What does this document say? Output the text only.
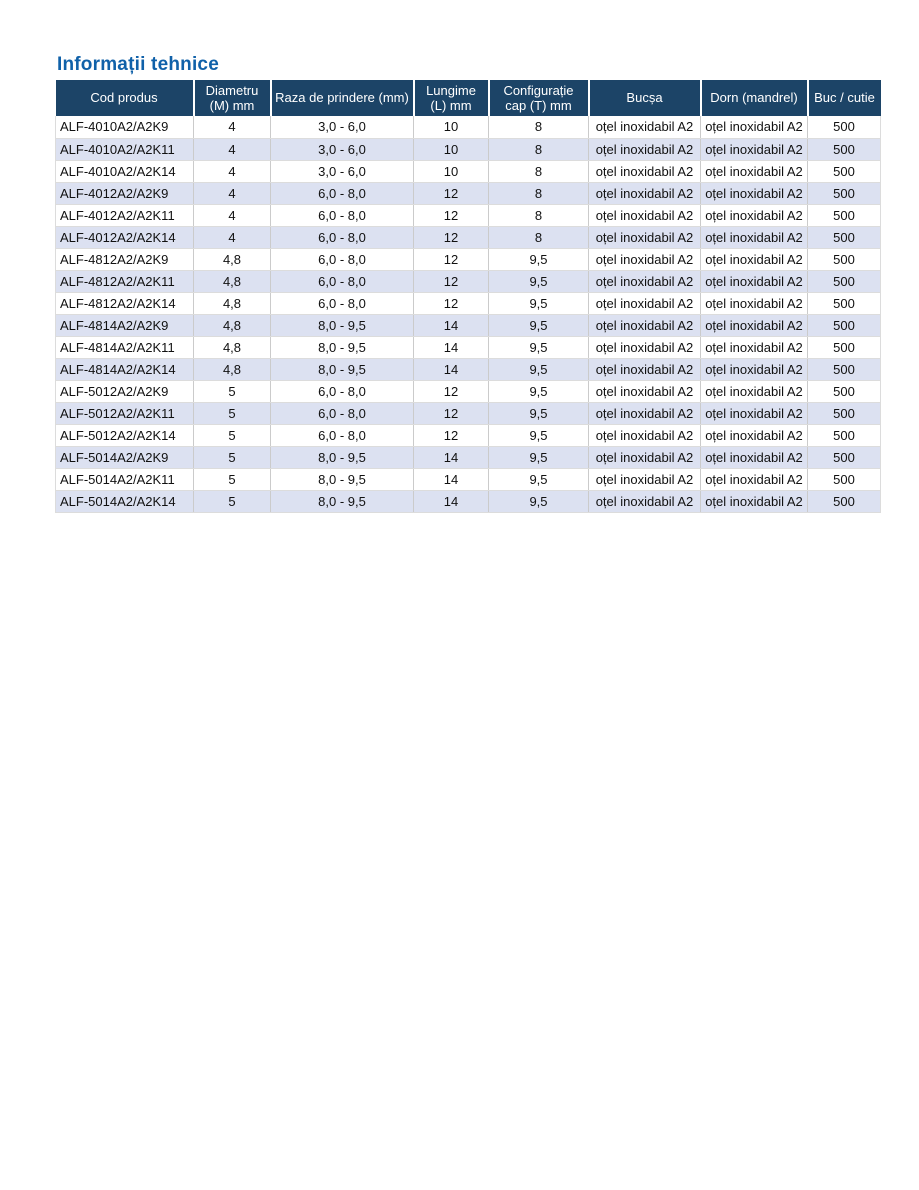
Informații tehnice
Cod produs	Diametru (M) mm	Raza de prindere (mm)	Lungime (L) mm	Configurație cap (T) mm	Bucșa	Dorn (mandrel)	Buc / cutie
ALF-4010A2/A2K9	4	3,0 - 6,0	10	8	oțel inoxidabil A2	oțel inoxidabil A2	500
ALF-4010A2/A2K11	4	3,0 - 6,0	10	8	oțel inoxidabil A2	oțel inoxidabil A2	500
ALF-4010A2/A2K14	4	3,0 - 6,0	10	8	oțel inoxidabil A2	oțel inoxidabil A2	500
ALF-4012A2/A2K9	4	6,0 - 8,0	12	8	oțel inoxidabil A2	oțel inoxidabil A2	500
ALF-4012A2/A2K11	4	6,0 - 8,0	12	8	oțel inoxidabil A2	oțel inoxidabil A2	500
ALF-4012A2/A2K14	4	6,0 - 8,0	12	8	oțel inoxidabil A2	oțel inoxidabil A2	500
ALF-4812A2/A2K9	4,8	6,0 - 8,0	12	9,5	oțel inoxidabil A2	oțel inoxidabil A2	500
ALF-4812A2/A2K11	4,8	6,0 - 8,0	12	9,5	oțel inoxidabil A2	oțel inoxidabil A2	500
ALF-4812A2/A2K14	4,8	6,0 - 8,0	12	9,5	oțel inoxidabil A2	oțel inoxidabil A2	500
ALF-4814A2/A2K9	4,8	8,0 - 9,5	14	9,5	oțel inoxidabil A2	oțel inoxidabil A2	500
ALF-4814A2/A2K11	4,8	8,0 - 9,5	14	9,5	oțel inoxidabil A2	oțel inoxidabil A2	500
ALF-4814A2/A2K14	4,8	8,0 - 9,5	14	9,5	oțel inoxidabil A2	oțel inoxidabil A2	500
ALF-5012A2/A2K9	5	6,0 - 8,0	12	9,5	oțel inoxidabil A2	oțel inoxidabil A2	500
ALF-5012A2/A2K11	5	6,0 - 8,0	12	9,5	oțel inoxidabil A2	oțel inoxidabil A2	500
ALF-5012A2/A2K14	5	6,0 - 8,0	12	9,5	oțel inoxidabil A2	oțel inoxidabil A2	500
ALF-5014A2/A2K9	5	8,0 - 9,5	14	9,5	oțel inoxidabil A2	oțel inoxidabil A2	500
ALF-5014A2/A2K11	5	8,0 - 9,5	14	9,5	oțel inoxidabil A2	oțel inoxidabil A2	500
ALF-5014A2/A2K14	5	8,0 - 9,5	14	9,5	oțel inoxidabil A2	oțel inoxidabil A2	500
